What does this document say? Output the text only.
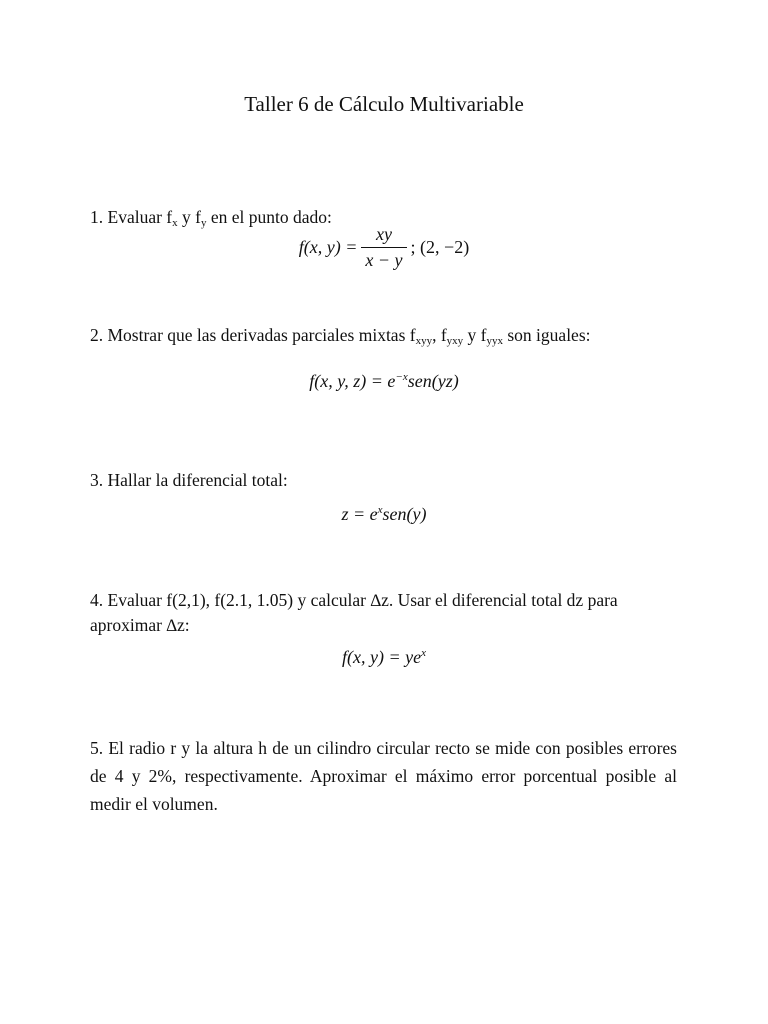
Taller 6 de Cálculo Multivariable
1. Evaluar $f_x$ y $f_y$ en el punto dado:
f(x, $y) = \frac{xy}{x - y}$ ; (2, −2)
2. Mostrar que las derivadas parciales mixtas $f_{xyy}$, $f_{yxy}$ y $f_{yyx}$ son iguales:
f(x, y, $z) = e^{-x}sen(yz)$
3. Hallar la diferencial total:
$z = e^xsen(y)$
4. Evaluar f(2,1), f(2.1, 1.05) y calcular ∆z. Usar el diferencial total dz para aproximar ∆z:
f(x, $y) = ye^x$
5. El radio r y la altura h de un cilindro circular recto se mide con posibles errores de 4 y 2%, respectivamente. Aproximar el máximo error porcentual posible al medir el volumen.
